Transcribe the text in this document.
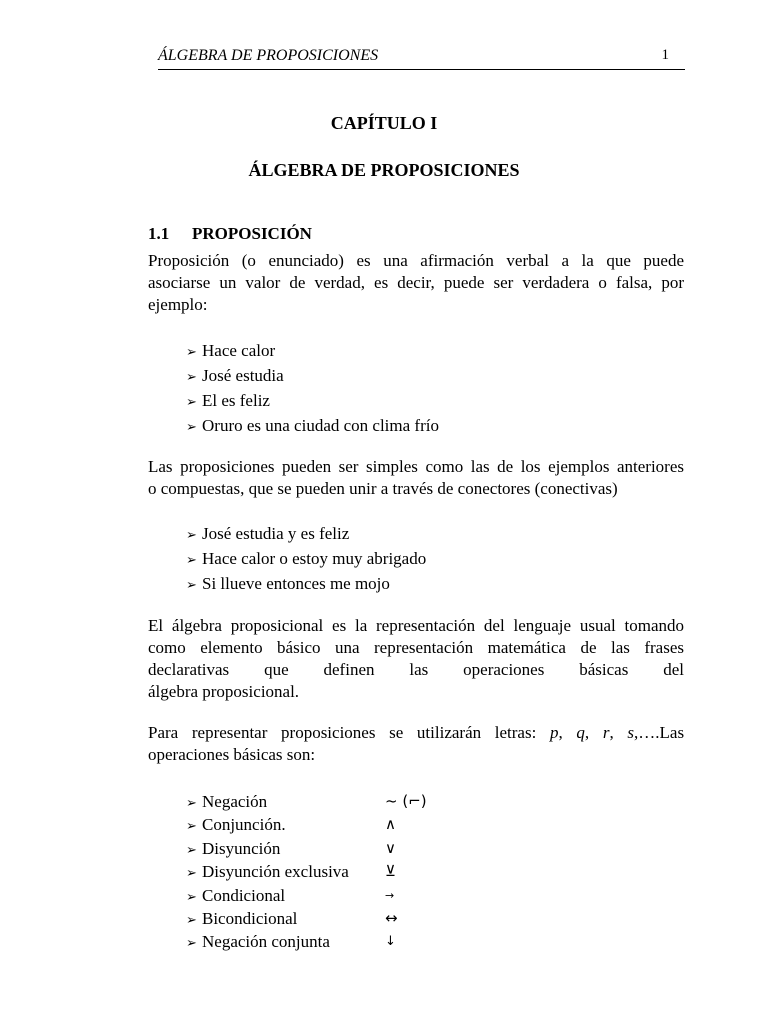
ÁLGEBRA DE PROPOSICIONES	1
CAPÍTULO I
ÁLGEBRA DE PROPOSICIONES
1.1 PROPOSICIÓN
Proposición (o enunciado) es una afirmación verbal a la que puede
asociarse un valor de verdad, es decir, puede ser verdadera o falsa, por
ejemplo:
➢ Hace calor
➢ José estudia
➢ El es feliz
➢ Oruro es una ciudad con clima frío
Las proposiciones pueden ser simples como las de los ejemplos anteriores
o compuestas, que se pueden unir a través de conectores (conectivas)
➢ José estudia y es feliz
➢ Hace calor o estoy muy abrigado
➢ Si llueve entonces me mojo
El álgebra proposicional es la representación del lenguaje usual tomando
como elemento básico una representación matemática de las frases
declarativas que definen las operaciones básicas del
álgebra proposicional.
Para representar proposiciones se utilizarán letras: p, q, r, s,….Las
operaciones básicas son:
➢ Negación	~ (⌐)
➢ Conjunción.	∧
➢ Disyunción	∨
➢ Disyunción exclusiva ⊻
➢ Condicional	→
➢ Bicondicional	↔
➢ Negación conjunta	↓
